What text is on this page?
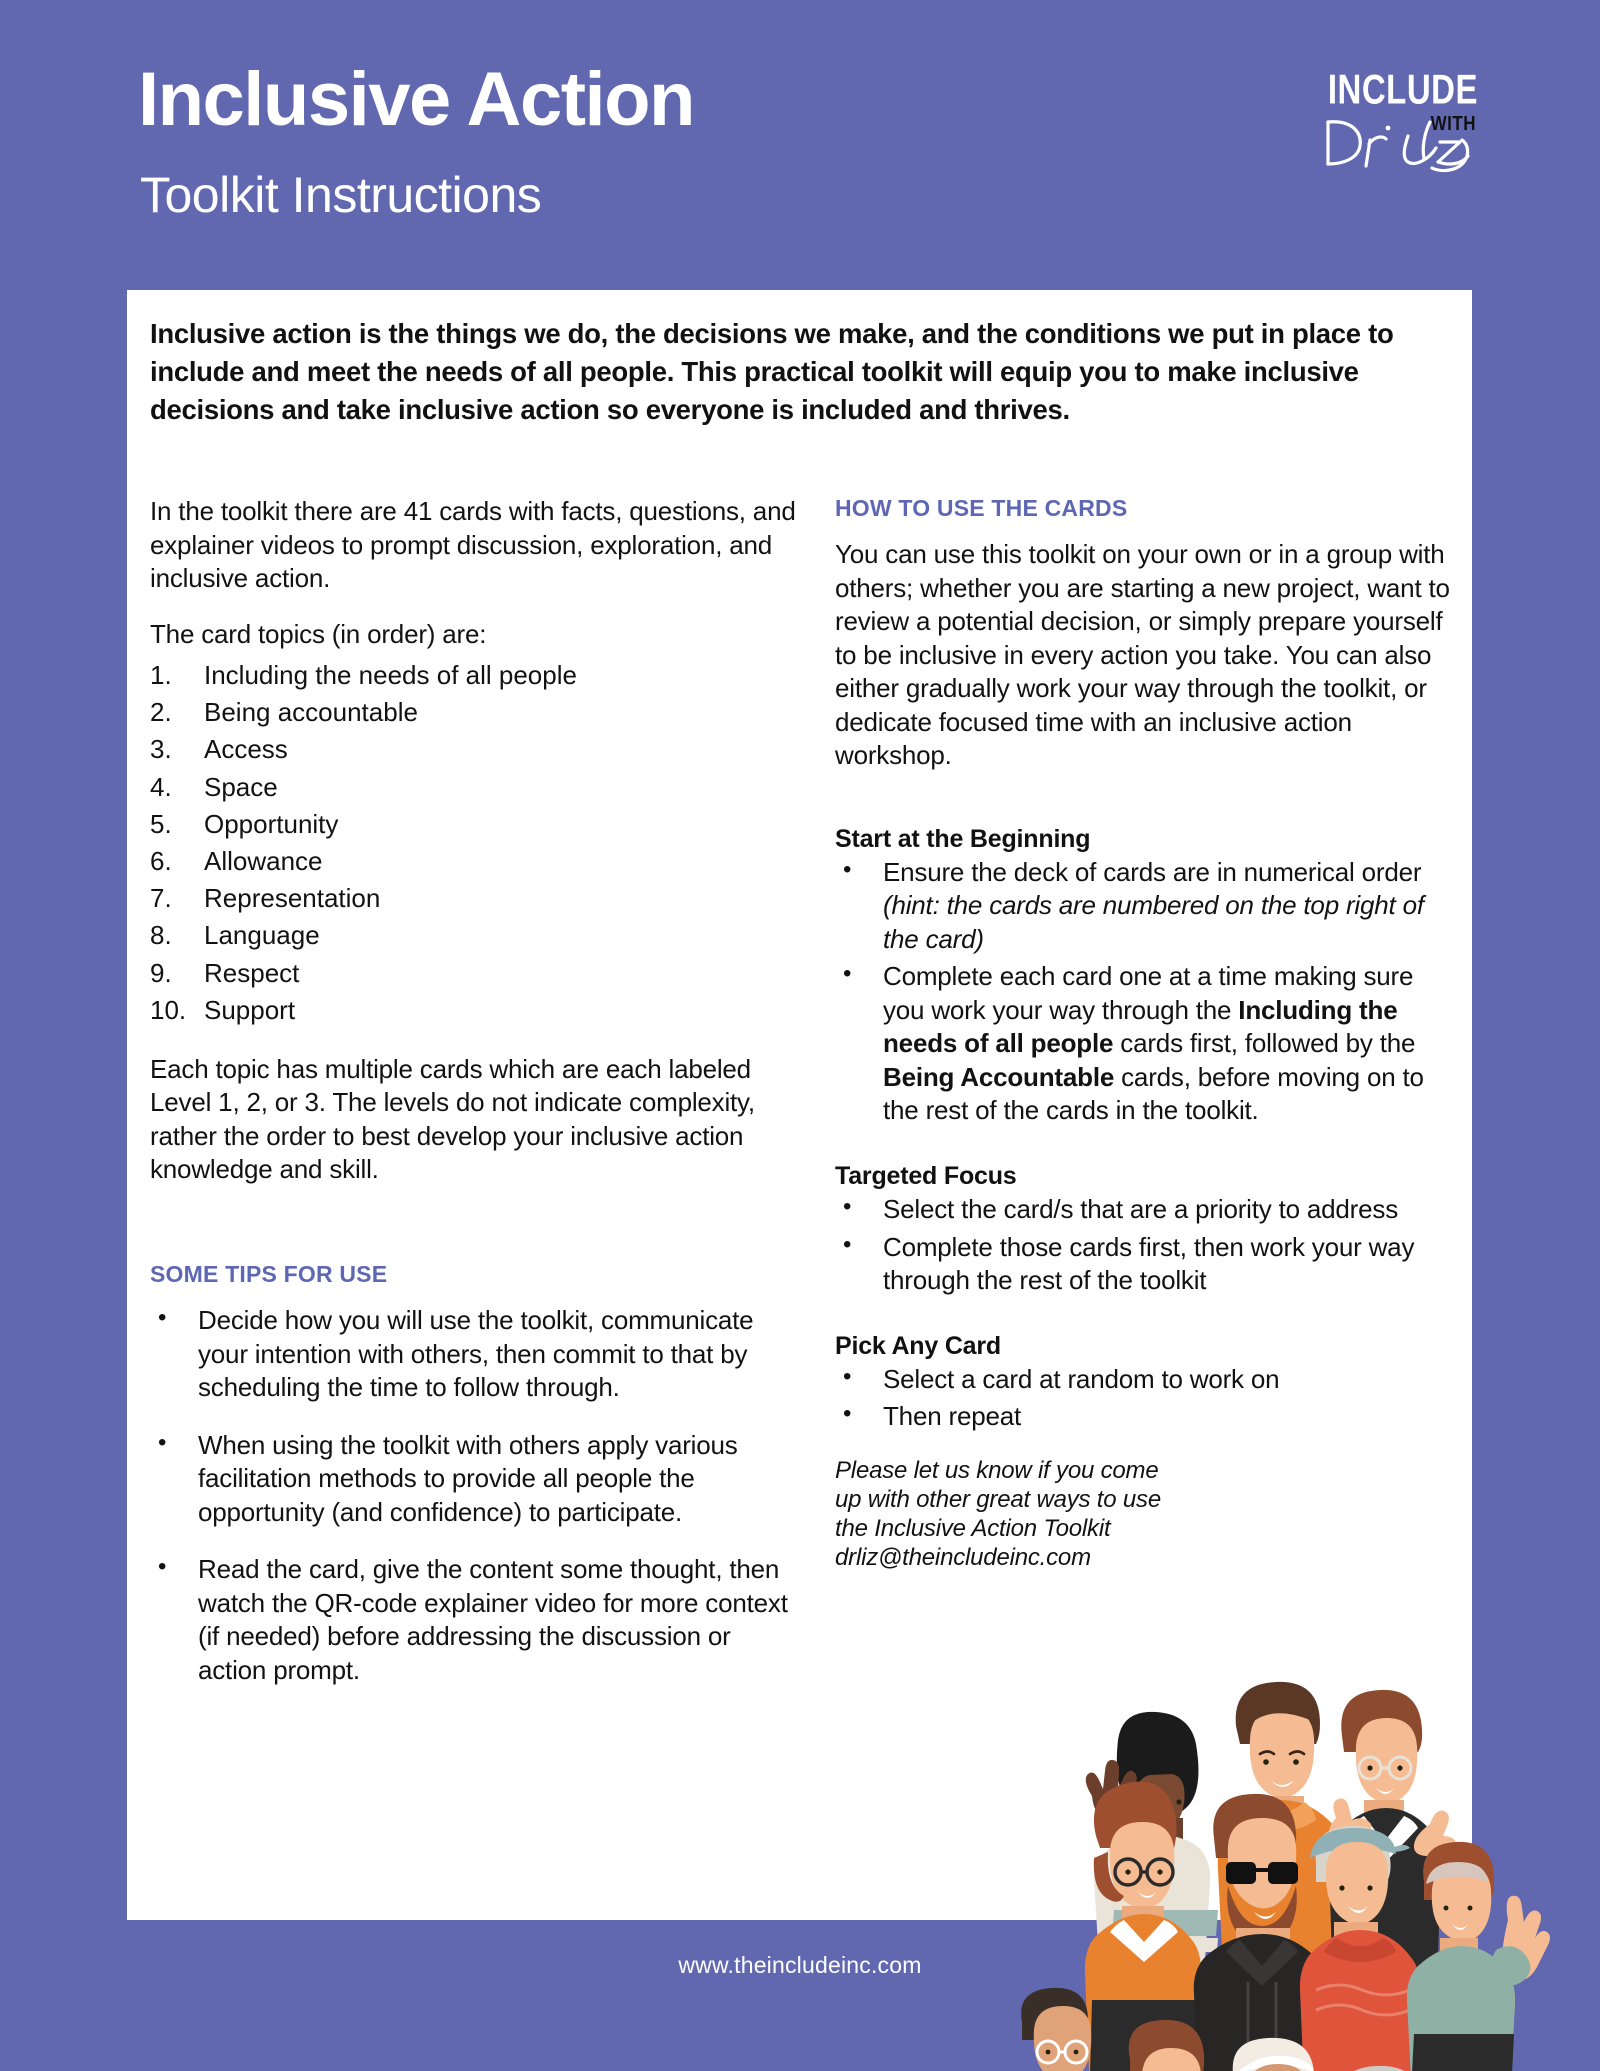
Inclusive Action
Toolkit Instructions
INCLUDE
WITH
Inclusive action is the things we do, the decisions we make, and the conditions we put in place to include and meet the needs of all people. This practical toolkit will equip you to make inclusive decisions and take inclusive action so everyone is included and thrives.

In the toolkit there are 41 cards with facts, questions, and explainer videos to prompt discussion, exploration, and inclusive action.

The card topics (in order) are:

1. Including the needs of all people
2. Being accountable
3. Access
4. Space
5. Opportunity
6. Allowance
7. Representation
8. Language
9. Respect
10. Support

Each topic has multiple cards which are each labeled Level 1, 2, or 3. The levels do not indicate complexity, rather the order to best develop your inclusive action knowledge and skill.

SOME TIPS FOR USE
• Decide how you will use the toolkit, communicate your intention with others, then commit to that by scheduling the time to follow through.
• When using the toolkit with others apply various facilitation methods to provide all people the opportunity (and confidence) to participate.
• Read the card, give the content some thought, then watch the QR-code explainer video for more context (if needed) before addressing the discussion or action prompt.
HOW TO USE THE CARDS

You can use this toolkit on your own or in a group with others; whether you are starting a new project, want to review a potential decision, or simply prepare yourself to be inclusive in every action you take. You can also either gradually work your way through the toolkit, or dedicate focused time with an inclusive action workshop.

Start at the Beginning
• Ensure the deck of cards are in numerical order (hint: the cards are numbered on the top right of the card)
• Complete each card one at a time making sure you work your way through the Including the needs of all people cards first, followed by the Being Accountable cards, before moving on to the rest of the cards in the toolkit.
Targeted Focus
• Select the card/s that are a priority to address
• Complete those cards first, then work your way through the rest of the toolkit
Pick Any Card
• Select a card at random to work on
• Then repeat
Please let us know if you come up with other great ways to use the Inclusive Action Toolkit drliz@theincludeinc.com
www.theincludeinc.com
